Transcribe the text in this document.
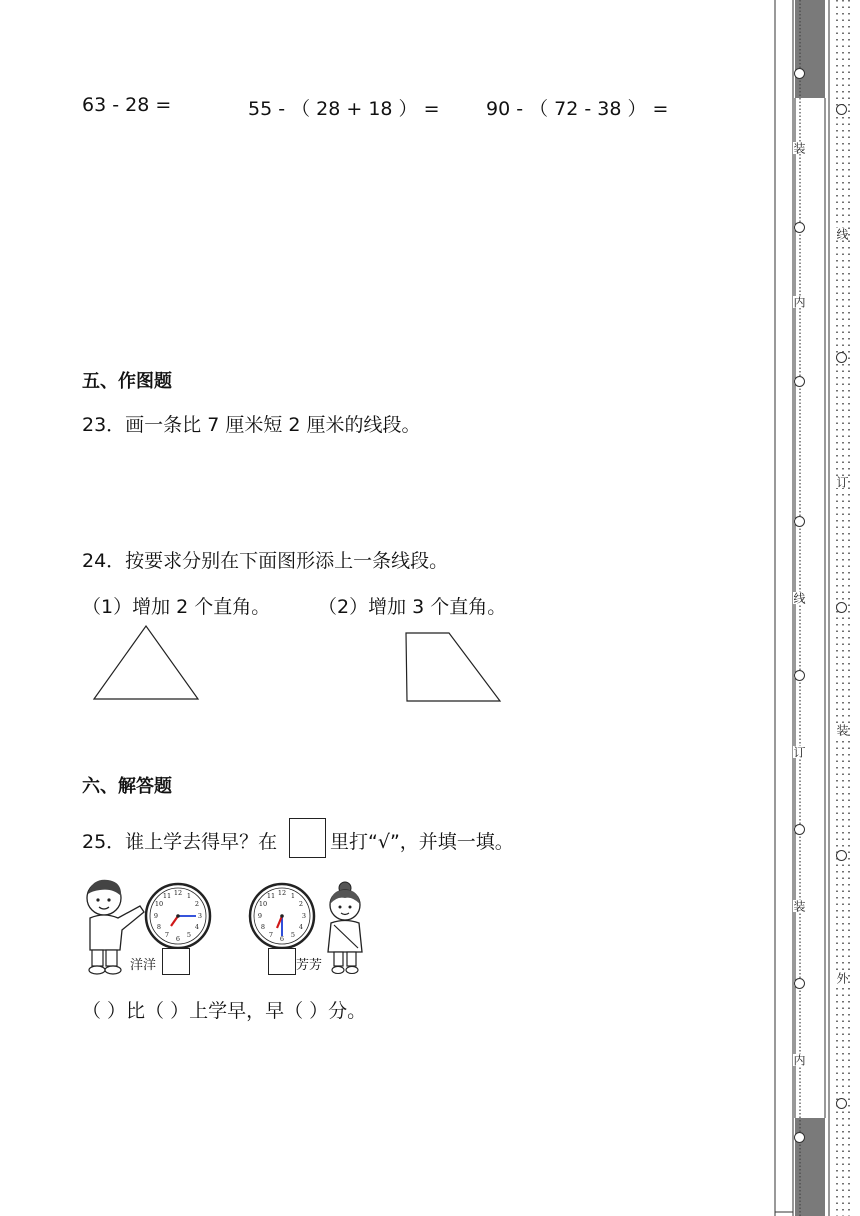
63 - 28 =	55 - （ 28 + 18 ） = 90 - （ 72 - 38 ） =
五、作图题
23．画一条比 7 厘米短 2 厘米的线段。
24．按要求分别在下面图形添上一条线段。
（1）增加 2 个直角。	（2）增加 3 个直角。
六、解答题
25．谁上学去得早？在	里打“√”，并填一填。
12 1
2
3
4
5
6
7
8
9
10
11
洋洋
12 1
2
3
4
5
6
7
8
9
10
11
芳芳
（ ）比（ ）上学早，早（ ）分。
装
内
线
订
装
内
线
订
装
外
